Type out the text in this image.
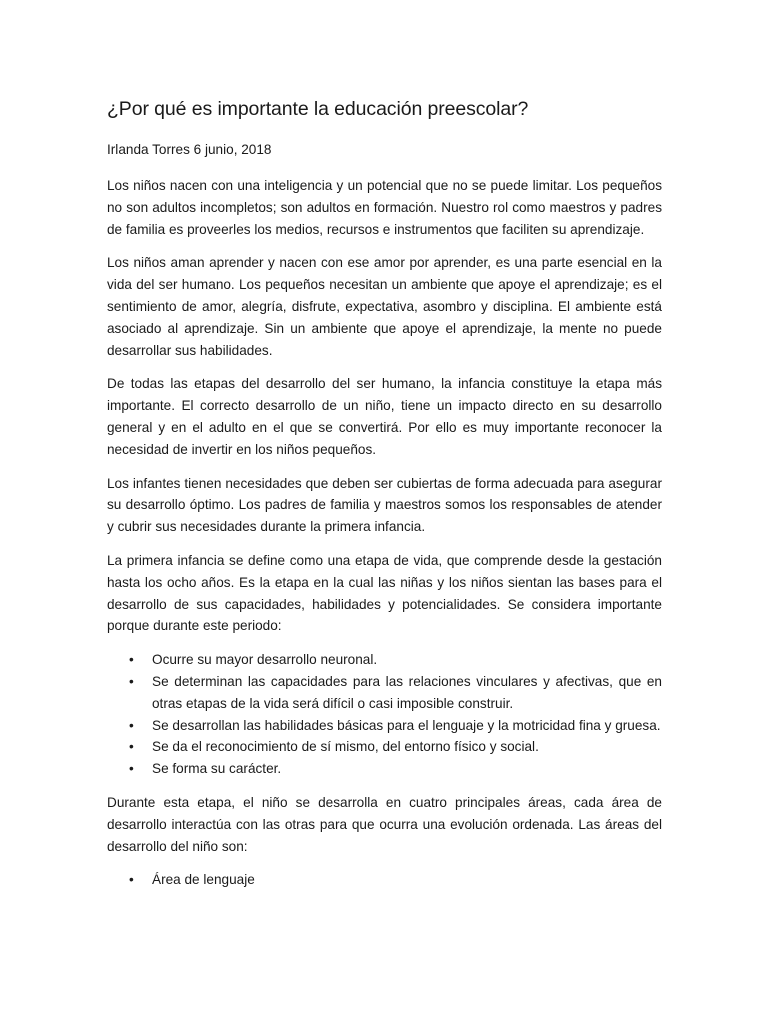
¿Por qué es importante la educación preescolar?

Irlanda Torres 6 junio, 2018

Los niños nacen con una inteligencia y un potencial que no se puede limitar. Los pequeños no son adultos incompletos; son adultos en formación. Nuestro rol como maestros y padres de familia es proveerles los medios, recursos e instrumentos que faciliten su aprendizaje.

Los niños aman aprender y nacen con ese amor por aprender, es una parte esencial en la vida del ser humano. Los pequeños necesitan un ambiente que apoye el aprendizaje; es el sentimiento de amor, alegría, disfrute, expectativa, asombro y disciplina. El ambiente está asociado al aprendizaje. Sin un ambiente que apoye el aprendizaje, la mente no puede desarrollar sus habilidades.

De todas las etapas del desarrollo del ser humano, la infancia constituye la etapa más importante. El correcto desarrollo de un niño, tiene un impacto directo en su desarrollo general y en el adulto en el que se convertirá. Por ello es muy importante reconocer la necesidad de invertir en los niños pequeños.

Los infantes tienen necesidades que deben ser cubiertas de forma adecuada para asegurar su desarrollo óptimo. Los padres de familia y maestros somos los responsables de atender y cubrir sus necesidades durante la primera infancia.

La primera infancia se define como una etapa de vida, que comprende desde la gestación hasta los ocho años. Es la etapa en la cual las niñas y los niños sientan las bases para el desarrollo de sus capacidades, habilidades y potencialidades. Se considera importante porque durante este periodo:

• Ocurre su mayor desarrollo neuronal.
• Se determinan las capacidades para las relaciones vinculares y afectivas, que en otras etapas de la vida será difícil o casi imposible construir.
• Se desarrollan las habilidades básicas para el lenguaje y la motricidad fina y gruesa.
• Se da el reconocimiento de sí mismo, del entorno físico y social.
• Se forma su carácter.

Durante esta etapa, el niño se desarrolla en cuatro principales áreas, cada área de desarrollo interactúa con las otras para que ocurra una evolución ordenada. Las áreas del desarrollo del niño son:

• Área de lenguaje
